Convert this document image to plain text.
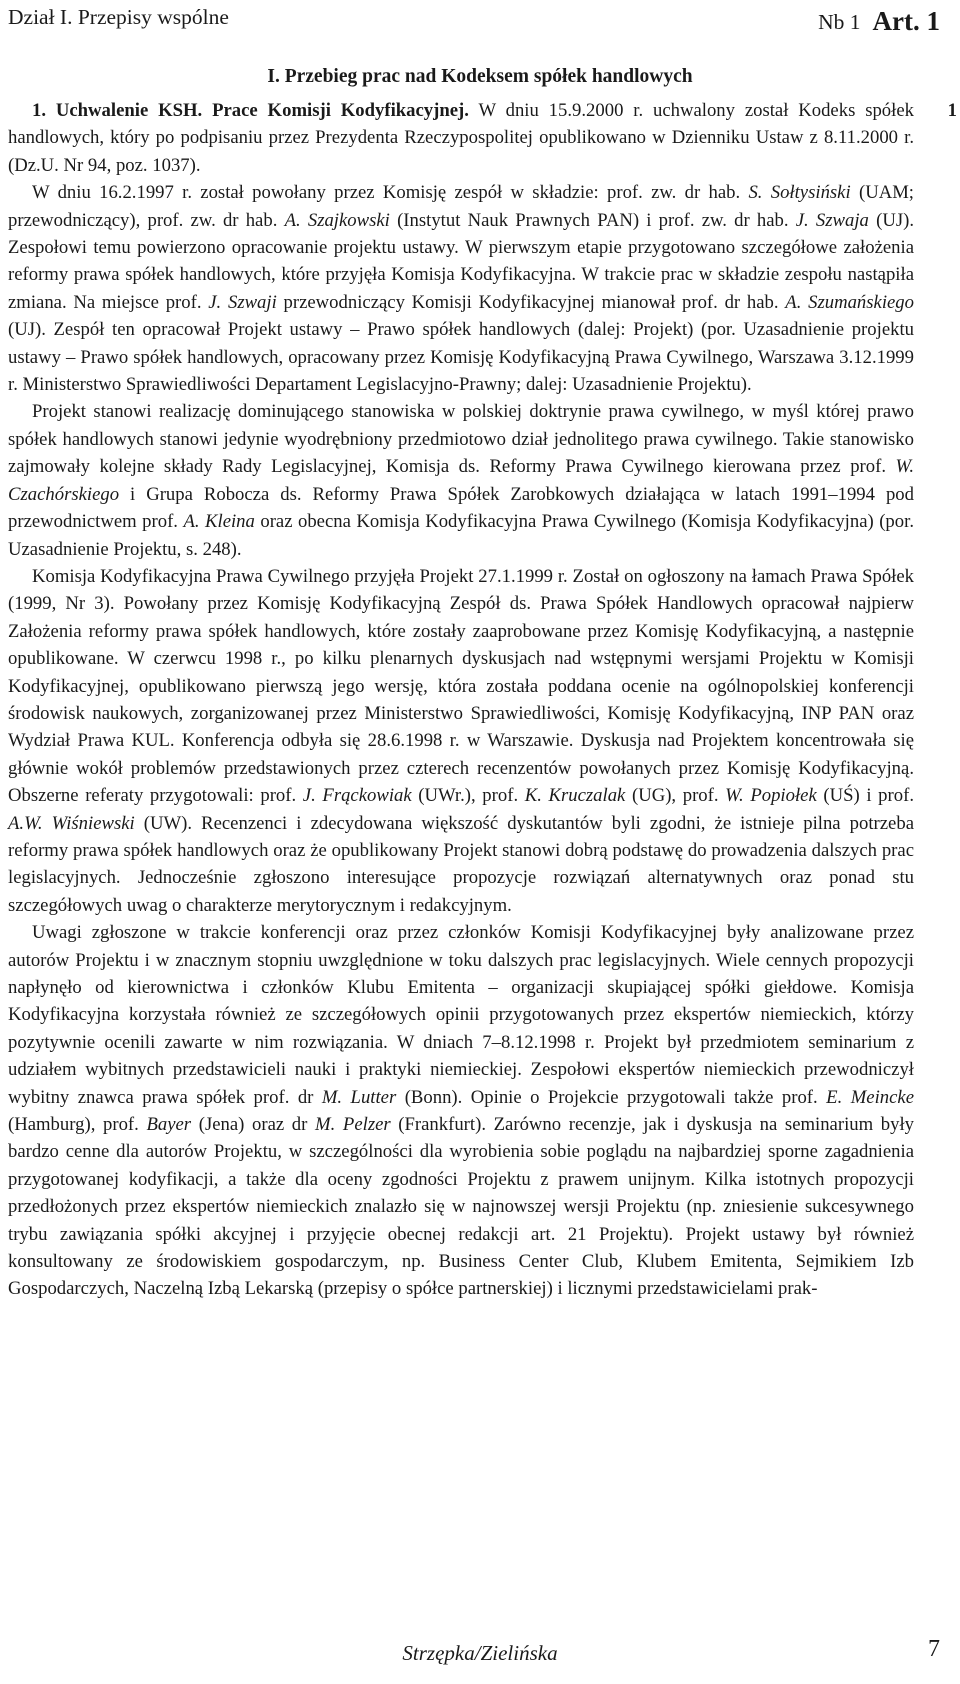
Dział I. Przepisy wspólne	Nb 1 Art. 1
I. Przebieg prac nad Kodeksem spółek handlowych
1

1. Uchwalenie KSH. Prace Komisji Kodyfikacyjnej. W dniu 15.9.2000 r. uchwalony został Kodeks spółek handlowych, który po podpisaniu przez Prezydenta Rzeczypospolitej opublikowano w Dzienniku Ustaw z 8.11.2000 r. (Dz.U. Nr 94, poz. 1037).

W dniu 16.2.1997 r. został powołany przez Komisję zespół w składzie: prof. zw. dr hab. S. Sołtysiński (UAM; przewodniczący), prof. zw. dr hab. A. Szajkowski (Instytut Nauk Prawnych PAN) i prof. zw. dr hab. J. Szwaja (UJ). Zespołowi temu powierzono opracowanie projektu ustawy. W pierwszym etapie przygotowano szczegółowe założenia reformy prawa spółek handlowych, które przyjęła Komisja Kodyfikacyjna. W trakcie prac w składzie zespołu nastąpiła zmiana. Na miejsce prof. J. Szwaji przewodniczący Komisji Kodyfikacyjnej mianował prof. dr hab. A. Szumańskiego (UJ). Zespół ten opracował Projekt ustawy – Prawo spółek handlowych (dalej: Projekt) (por. Uzasadnienie projektu ustawy – Prawo spółek handlowych, opracowany przez Komisję Kodyfikacyjną Prawa Cywilnego, Warszawa 3.12.1999 r. Ministerstwo Sprawiedliwości Departament Legislacyjno-Prawny; dalej: Uzasadnienie Projektu).

Projekt stanowi realizację dominującego stanowiska w polskiej doktrynie prawa cywilnego, w myśl której prawo spółek handlowych stanowi jedynie wyodrębniony przedmiotowo dział jednolitego prawa cywilnego. Takie stanowisko zajmowały kolejne składy Rady Legislacyjnej, Komisja ds. Reformy Prawa Cywilnego kierowana przez prof. W. Czachórskiego i Grupa Robocza ds. Reformy Prawa Spółek Zarobkowych działająca w latach 1991–1994 pod przewodnictwem prof. A. Kleina oraz obecna Komisja Kodyfikacyjna Prawa Cywilnego (Komisja Kodyfikacyjna) (por. Uzasadnienie Projektu, s. 248).

Komisja Kodyfikacyjna Prawa Cywilnego przyjęła Projekt 27.1.1999 r. Został on ogłoszony na łamach Prawa Spółek (1999, Nr 3). Powołany przez Komisję Kodyfikacyjną Zespół ds. Prawa Spółek Handlowych opracował najpierw Założenia reformy prawa spółek handlowych, które zostały zaaprobowane przez Komisję Kodyfikacyjną, a następnie opublikowane. W czerwcu 1998 r., po kilku plenarnych dyskusjach nad wstępnymi wersjami Projektu w Komisji Kodyfikacyjnej, opublikowano pierwszą jego wersję, która została poddana ocenie na ogólnopolskiej konferencji środowisk naukowych, zorganizowanej przez Ministerstwo Sprawiedliwości, Komisję Kodyfikacyjną, INP PAN oraz Wydział Prawa KUL. Konferencja odbyła się 28.6.1998 r. w Warszawie. Dyskusja nad Projektem koncentrowała się głównie wokół problemów przedstawionych przez czterech recenzentów powołanych przez Komisję Kodyfikacyjną. Obszerne referaty przygotowali: prof. J. Frąckowiak (UWr.), prof. K. Kruczalak (UG), prof. W. Popiołek (UŚ) i prof. A.W. Wiśniewski (UW). Recenzenci i zdecydowana większość dyskutantów byli zgodni, że istnieje pilna potrzeba reformy prawa spółek handlowych oraz że opublikowany Projekt stanowi dobrą podstawę do prowadzenia dalszych prac legislacyjnych. Jednocześnie zgłoszono interesujące propozycje rozwiązań alternatywnych oraz ponad stu szczegółowych uwag o charakterze merytorycznym i redakcyjnym.

Uwagi zgłoszone w trakcie konferencji oraz przez członków Komisji Kodyfikacyjnej były analizowane przez autorów Projektu i w znacznym stopniu uwzględnione w toku dalszych prac legislacyjnych. Wiele cennych propozycji napłynęło od kierownictwa i członków Klubu Emitenta – organizacji skupiającej spółki giełdowe. Komisja Kodyfikacyjna korzystała również ze szczegółowych opinii przygotowanych przez ekspertów niemieckich, którzy pozytywnie ocenili zawarte w nim rozwiązania. W dniach 7–8.12.1998 r. Projekt był przedmiotem seminarium z udziałem wybitnych przedstawicieli nauki i praktyki niemieckiej. Zespołowi ekspertów niemieckich przewodniczył wybitny znawca prawa spółek prof. dr M. Lutter (Bonn). Opinie o Projekcie przygotowali także prof. E. Meincke (Hamburg), prof. Bayer (Jena) oraz dr M. Pelzer (Frankfurt). Zarówno recenzje, jak i dyskusja na seminarium były bardzo cenne dla autorów Projektu, w szczególności dla wyrobienia sobie poglądu na najbardziej sporne zagadnienia przygotowanej kodyfikacji, a także dla oceny zgodności Projektu z prawem unijnym. Kilka istotnych propozycji przedłożonych przez ekspertów niemieckich znalazło się w najnowszej wersji Projektu (np. zniesienie sukcesywnego trybu zawiązania spółki akcyjnej i przyjęcie obecnej redakcji art. 21 Projektu). Projekt ustawy był również konsultowany ze środowiskiem gospodarczym, np. Business Center Club, Klubem Emitenta, Sejmikiem Izb Gospodarczych, Naczelną Izbą Lekarską (przepisy o spółce partnerskiej) i licznymi przedstawicielami prak-

Strzępka/Zielińska	7
